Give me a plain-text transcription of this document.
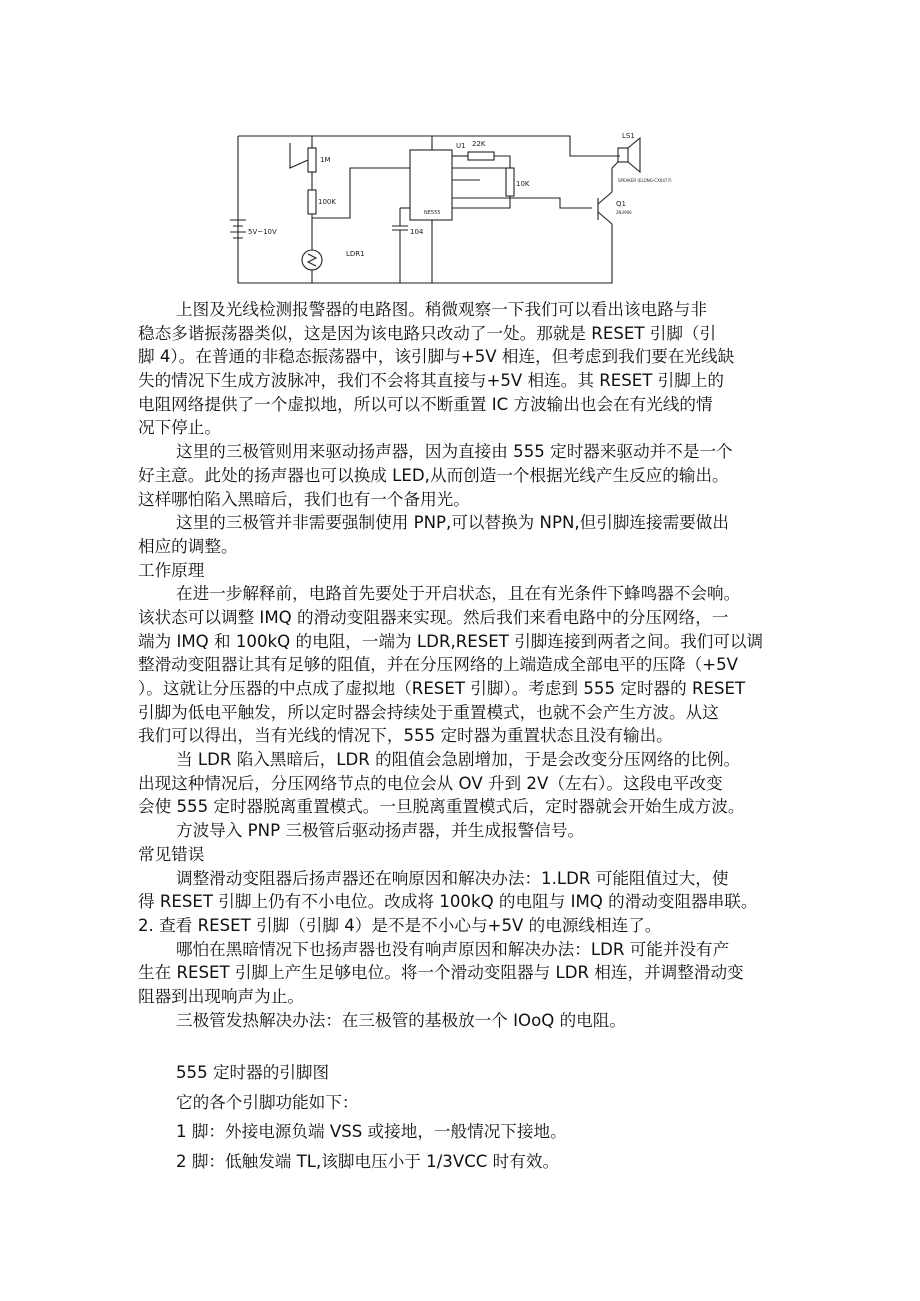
U1 22K
LS1
SPEAKER (ELONG-CX0477)
1M
100K
10K
Q1
2N3906
5V~10V
LDR1
104
NE555
上图及光线检测报警器的电路图。稍微观察一下我们可以看出该电路与非
稳态多谐振荡器类似，这是因为该电路只改动了一处。那就是 RESET 引脚（引
脚 4）。在普通的非稳态振荡器中，该引脚与+5V 相连，但考虑到我们要在光线缺
失的情况下生成方波脉冲，我们不会将其直接与+5V 相连。其 RESET 引脚上的
电阻网络提供了一个虚拟地，所以可以不断重置 IC 方波输出也会在有光线的情
况下停止。
这里的三极管则用来驱动扬声器，因为直接由 555 定时器来驱动并不是一个
好主意。此处的扬声器也可以换成 LED,从而创造一个根据光线产生反应的输出。
这样哪怕陷入黑暗后，我们也有一个备用光。
这里的三极管并非需要强制使用 PNP,可以替换为 NPN,但引脚连接需要做出
相应的调整。
工作原理
在进一步解释前，电路首先要处于开启状态，且在有光条件下蜂鸣器不会响。
该状态可以调整 IMQ 的滑动变阻器来实现。然后我们来看电路中的分压网络，一
端为 IMQ 和 100kQ 的电阻，一端为 LDR,RESET 引脚连接到两者之间。我们可以调
整滑动变阻器让其有足够的阻值，并在分压网络的上端造成全部电平的压降（+5V
）。这就让分压器的中点成了虚拟地（RESET 引脚）。考虑到 555 定时器的 RESET
引脚为低电平触发，所以定时器会持续处于重置模式，也就不会产生方波。从这
我们可以得出，当有光线的情况下，555 定时器为重置状态且没有输出。
当 LDR 陷入黑暗后，LDR 的阻值会急剧增加，于是会改变分压网络的比例。
出现这种情况后，分压网络节点的电位会从 OV 升到 2V（左右）。这段电平改变
会使 555 定时器脱离重置模式。一旦脱离重置模式后，定时器就会开始生成方波。
方波导入 PNP 三极管后驱动扬声器，并生成报警信号。
常见错误
调整滑动变阻器后扬声器还在响原因和解决办法：1.LDR 可能阻值过大，使
得 RESET 引脚上仍有不小电位。改成将 100kQ 的电阻与 IMQ 的滑动变阻器串联。
2. 查看 RESET 引脚（引脚 4）是不是不小心与+5V 的电源线相连了。
哪怕在黑暗情况下也扬声器也没有响声原因和解决办法：LDR 可能并没有产
生在 RESET 引脚上产生足够电位。将一个滑动变阻器与 LDR 相连，并调整滑动变
阻器到出现响声为止。
三极管发热解决办法：在三极管的基极放一个 IOoQ 的电阻。
555 定时器的引脚图
它的各个引脚功能如下：
1 脚：外接电源负端 VSS 或接地，一般情况下接地。
2 脚：低触发端 TL,该脚电压小于 1/3VCC 时有效。
